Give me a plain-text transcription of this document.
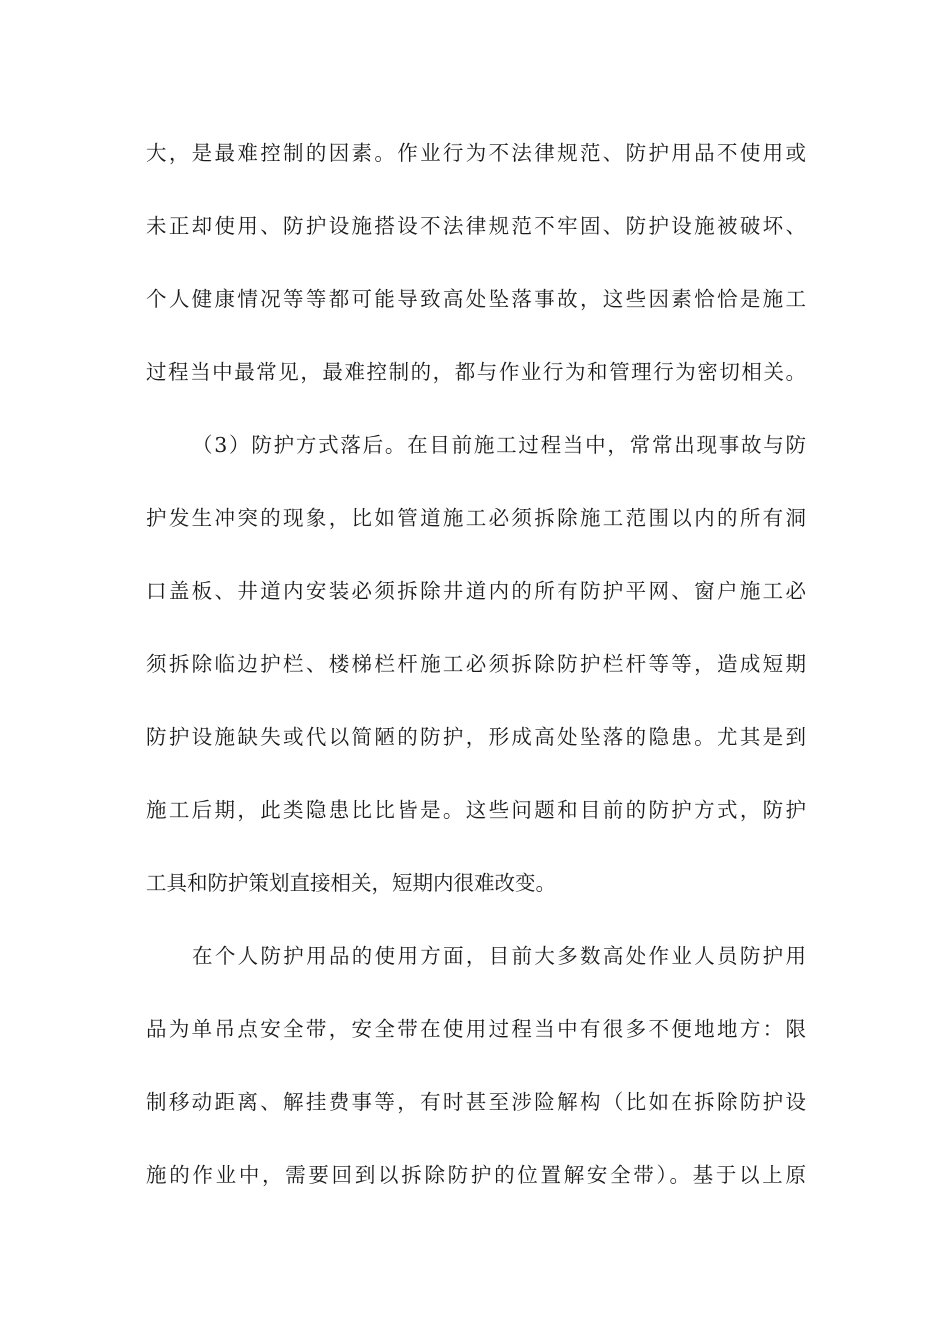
大，是最难控制的因素。作业行为不法律规范、防护用品不使用或
未正却使用、防护设施搭设不法律规范不牢固、防护设施被破坏、
个人健康情况等等都可能导致高处坠落事故，这些因素恰恰是施工
过程当中最常见，最难控制的，都与作业行为和管理行为密切相关。
（3）防护方式落后。在目前施工过程当中，常常出现事故与防
护发生冲突的现象，比如管道施工必须拆除施工范围以内的所有洞
口盖板、井道内安装必须拆除井道内的所有防护平网、窗户施工必
须拆除临边护栏、楼梯栏杆施工必须拆除防护栏杆等等，造成短期
防护设施缺失或代以简陋的防护，形成高处坠落的隐患。尤其是到
施工后期，此类隐患比比皆是。这些问题和目前的防护方式，防护
工具和防护策划直接相关，短期内很难改变。
在个人防护用品的使用方面，目前大多数高处作业人员防护用
品为单吊点安全带，安全带在使用过程当中有很多不便地地方：限
制移动距离、解挂费事等，有时甚至涉险解构（比如在拆除防护设
施的作业中，需要回到以拆除防护的位置解安全带）。基于以上原
